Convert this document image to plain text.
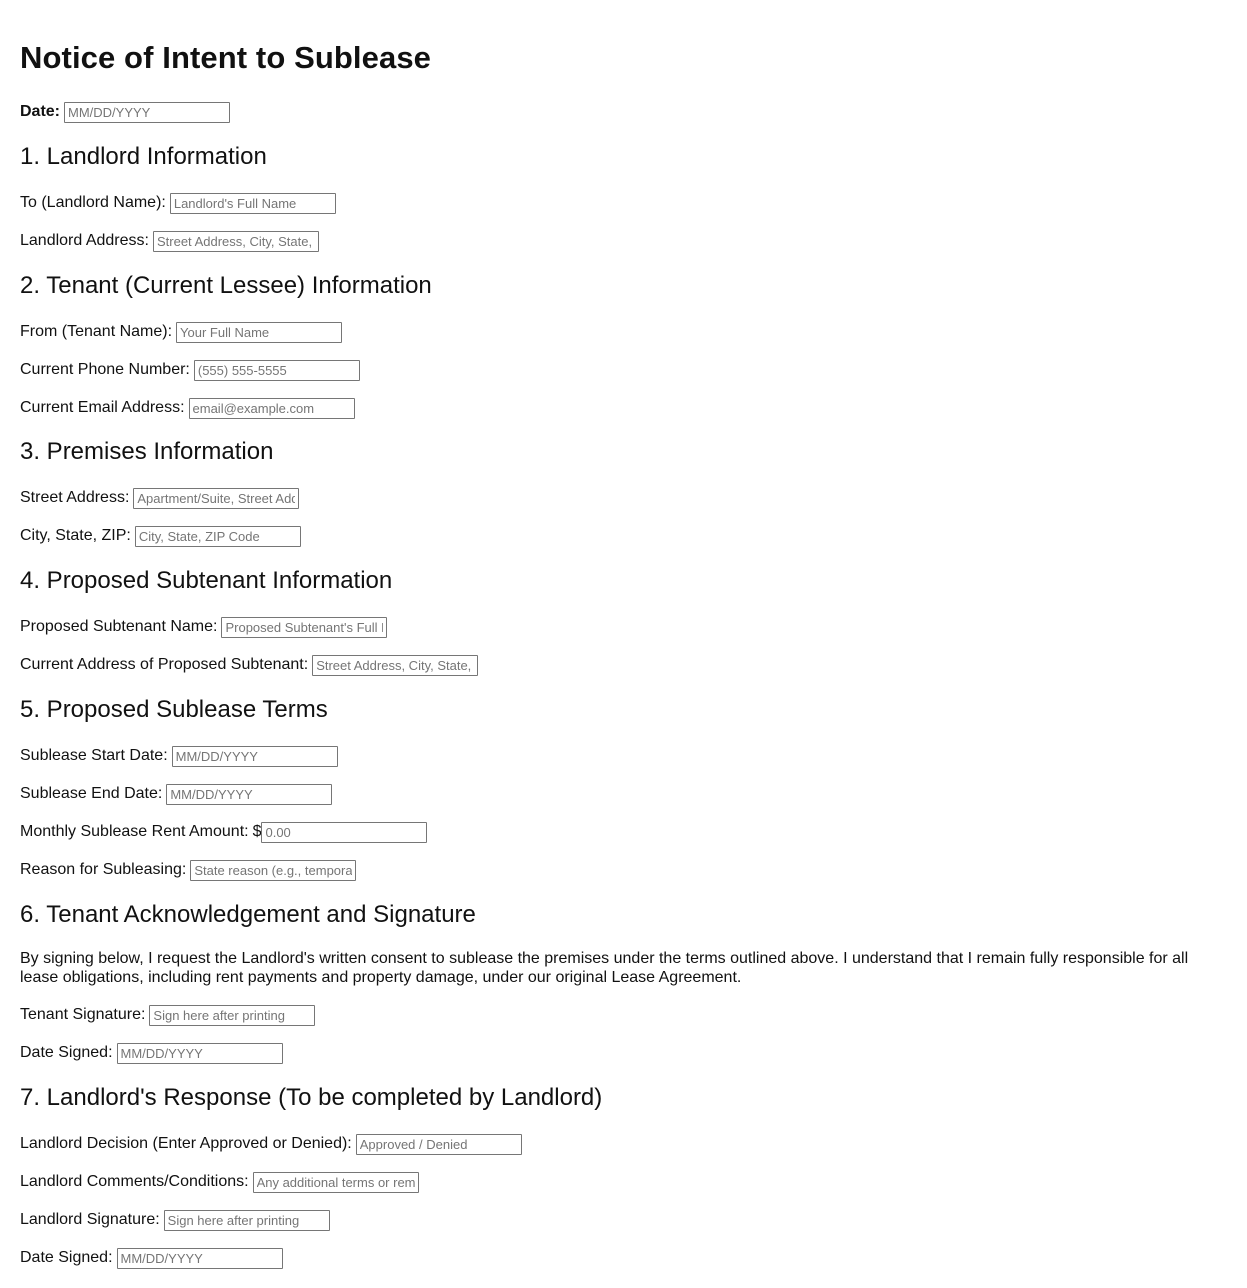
Notice of Intent to Sublease
Date:
MM/DD/YYYY
1. Landlord Information
To (Landlord Name):
Landlord's Full Name
Landlord Address:
Street Address, City, State, ZIP
2. Tenant (Current Lessee) Information
From (Tenant Name):
Your Full Name
Current Phone Number:
(555) 555-5555
Current Email Address:
email@example.com
3. Premises Information
Street Address:
Apartment/Suite, Street Address
City, State, ZIP:
City, State, ZIP Code
4. Proposed Subtenant Information
Proposed Subtenant Name:
Proposed Subtenant's Full Name
Current Address of Proposed Subtenant:
Street Address, City, State, ZIP
5. Proposed Sublease Terms
Sublease Start Date:
MM/DD/YYYY
Sublease End Date:
MM/DD/YYYY
Monthly Sublease Rent Amount: $
0.00
Reason for Subleasing:
State reason (e.g., temporary relocation)
6. Tenant Acknowledgement and Signature

By signing below, I request the Landlord's written consent to sublease the premises under the terms outlined above. I understand that I remain fully responsible for all lease obligations, including rent payments and property damage, under our original Lease Agreement.

Tenant Signature:
Sign here after printing
Date Signed:
MM/DD/YYYY
7. Landlord's Response (To be completed by Landlord)
Landlord Decision (Enter Approved or Denied):
Approved / Denied
Landlord Comments/Conditions:
Any additional terms or remarks
Landlord Signature:
Sign here after printing
Date Signed:
MM/DD/YYYY
